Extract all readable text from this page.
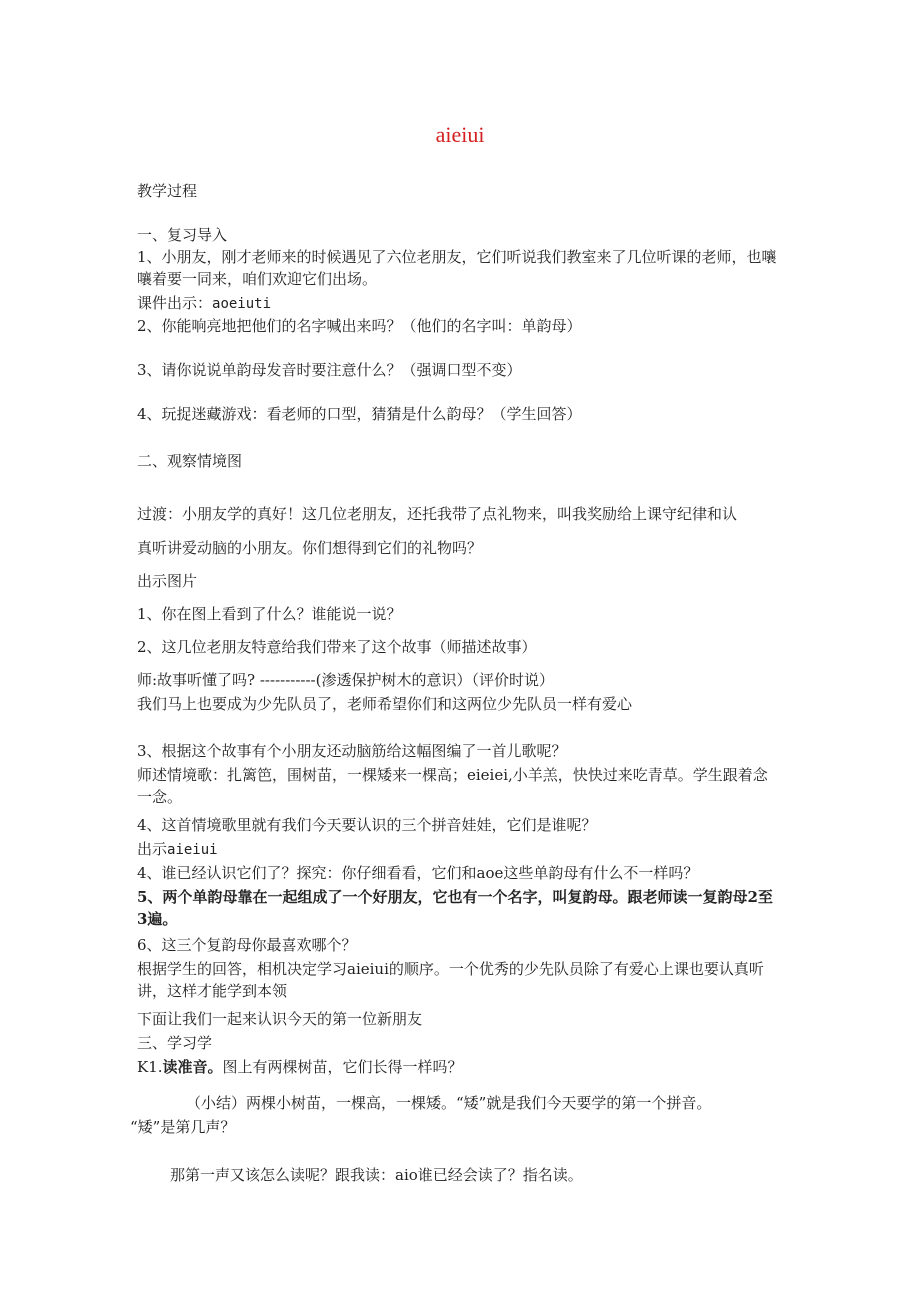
aieiui
教学过程
一、复习导入
1、小朋友，刚才老师来的时候遇见了六位老朋友，它们听说我们教室来了几位听课的老师，也嚷嚷着要一同来，咱们欢迎它们出场。
课件出示：aoeiuti
2、你能响亮地把他们的名字喊出来吗？（他们的名字叫：单韵母）
3、请你说说单韵母发音时要注意什么？（强调口型不变）
4、玩捉迷藏游戏：看老师的口型，猜猜是什么韵母？（学生回答）
二、观察情境图
过渡：小朋友学的真好！这几位老朋友，还托我带了点礼物来，叫我奖励给上课守纪律和认
真听讲爱动脑的小朋友。你们想得到它们的礼物吗？
出示图片
1、你在图上看到了什么？谁能说一说？
2、这几位老朋友特意给我们带来了这个故事（师描述故事）
师:故事听懂了吗? -----------(渗透保护树木的意识）（评价时说）
我们马上也要成为少先队员了，老师希望你们和这两位少先队员一样有爱心
3、根据这个故事有个小朋友还动脑筋给这幅图编了一首儿歌呢？
师述情境歌：扎篱笆，围树苗，一棵矮来一棵高；eieiei,小羊羔，快快过来吃青草。学生跟着念一念。
4、这首情境歌里就有我们今天要认识的三个拼音娃娃，它们是谁呢？
出示aieiui
4、谁已经认识它们了？探究：你仔细看看，它们和aoe这些单韵母有什么不一样吗？
5、两个单韵母靠在一起组成了一个好朋友，它也有一个名字，叫复韵母。跟老师读一复韵母2至3遍。
6、这三个复韵母你最喜欢哪个？
根据学生的回答，相机决定学习aieiui的顺序。一个优秀的少先队员除了有爱心上课也要认真听讲，这样才能学到本领
下面让我们一起来认识今天的第一位新朋友
三、学习学
K1.读准音。图上有两棵树苗，它们长得一样吗？
（小结）两棵小树苗，一棵高，一棵矮。“矮”就是我们今天要学的第一个拼音。
“矮”是第几声？
那第一声又该怎么读呢？跟我读：aio谁已经会读了？指名读。
